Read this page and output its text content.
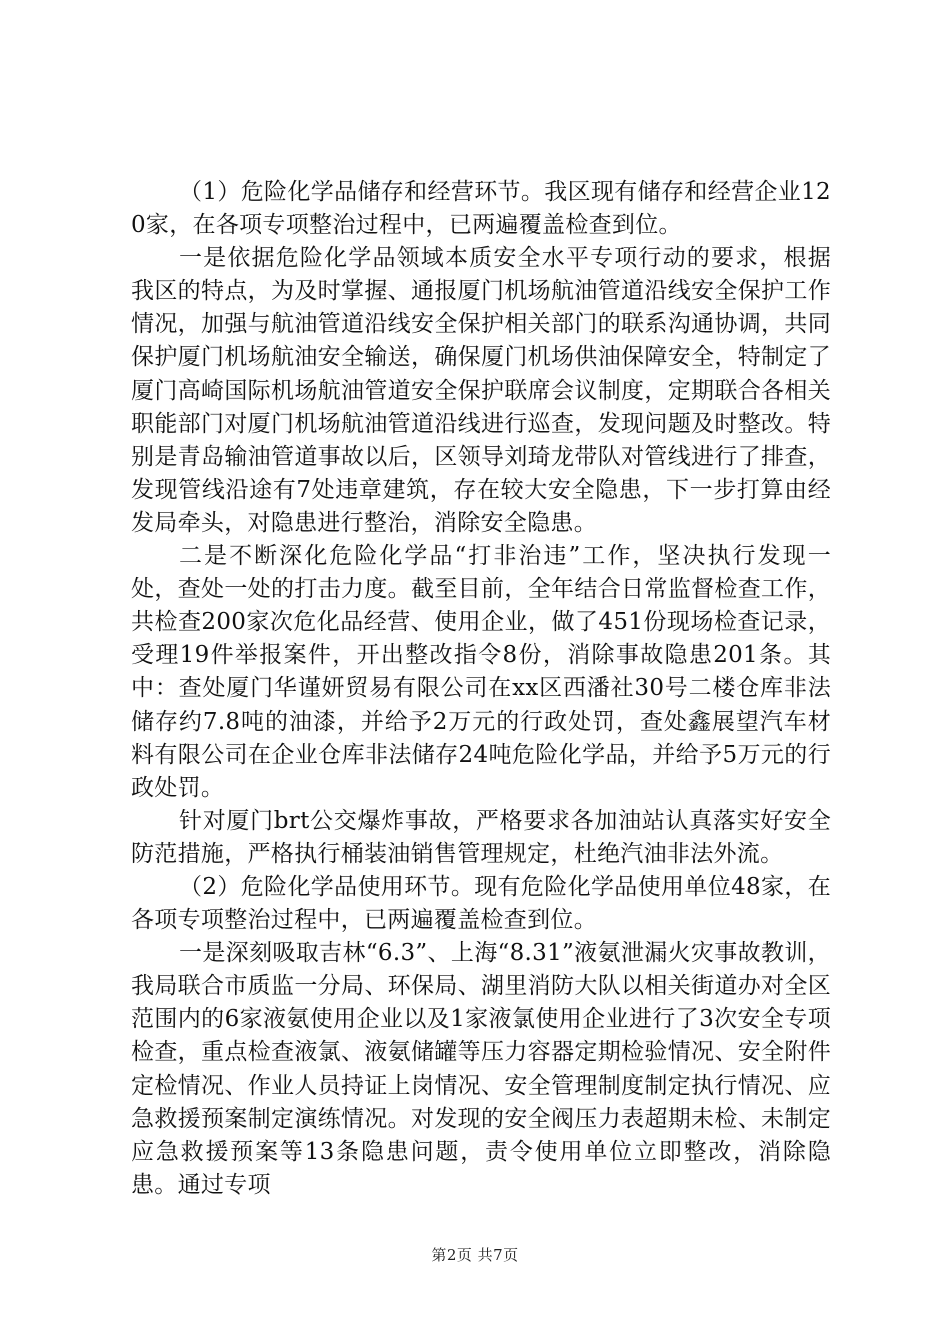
（1）危险化学品储存和经营环节。我区现有储存和经营企业120家，在各项专项整治过程中，已两遍覆盖检查到位。

一是依据危险化学品领域本质安全水平专项行动的要求，根据我区的特点，为及时掌握、通报厦门机场航油管道沿线安全保护工作情况，加强与航油管道沿线安全保护相关部门的联系沟通协调，共同保护厦门机场航油安全输送，确保厦门机场供油保障安全，特制定了厦门高崎国际机场航油管道安全保护联席会议制度，定期联合各相关职能部门对厦门机场航油管道沿线进行巡查，发现问题及时整改。特别是青岛输油管道事故以后，区领导刘琦龙带队对管线进行了排查，发现管线沿途有7处违章建筑，存在较大安全隐患，下一步打算由经发局牵头，对隐患进行整治，消除安全隐患。

二是不断深化危险化学品“打非治违”工作，坚决执行发现一处，查处一处的打击力度。截至目前，全年结合日常监督检查工作，共检查200家次危化品经营、使用企业，做了451份现场检查记录，受理19件举报案件，开出整改指令8份，消除事故隐患201条。其中：查处厦门华谨妍贸易有限公司在xx区西潘社30号二楼仓库非法储存约7.8吨的油漆，并给予2万元的行政处罚，查处鑫展望汽车材料有限公司在企业仓库非法储存24吨危险化学品，并给予5万元的行政处罚。

针对厦门brt公交爆炸事故，严格要求各加油站认真落实好安全防范措施，严格执行桶装油销售管理规定，杜绝汽油非法外流。

（2）危险化学品使用环节。现有危险化学品使用单位48家，在各项专项整治过程中，已两遍覆盖检查到位。

一是深刻吸取吉林“6.3”、上海“8.31”液氨泄漏火灾事故教训，我局联合市质监一分局、环保局、湖里消防大队以相关街道办对全区范围内的6家液氨使用企业以及1家液氯使用企业进行了3次安全专项检查，重点检查液氯、液氨储罐等压力容器定期检验情况、安全附件定检情况、作业人员持证上岗情况、安全管理制度制定执行情况、应急救援预案制定演练情况。对发现的安全阀压力表超期未检、未制定应急救援预案等13条隐患问题，责令使用单位立即整改，消除隐患。通过专项

第2页 共7页
